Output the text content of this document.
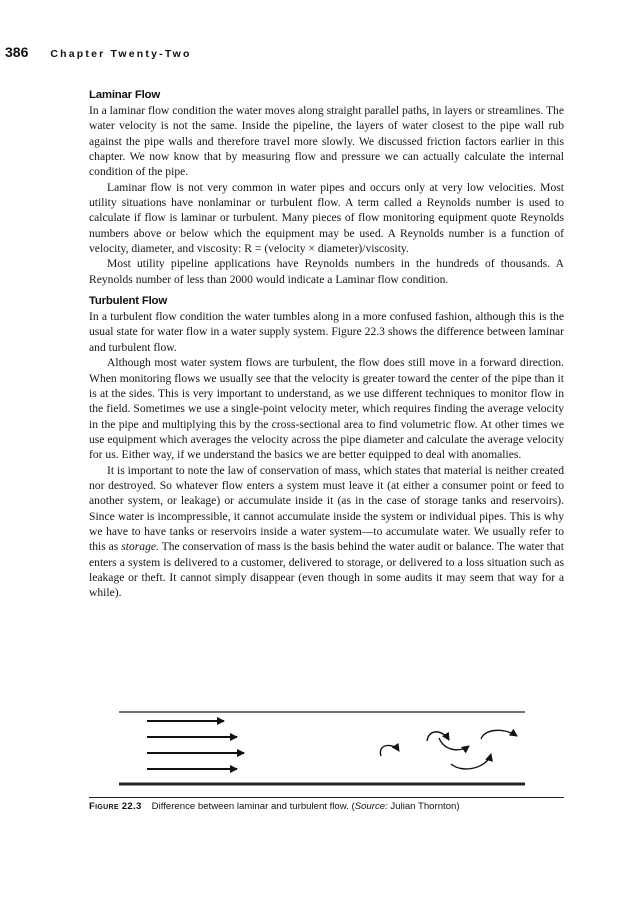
386 Chapter Twenty-Two
Laminar Flow

In a laminar flow condition the water moves along straight parallel paths, in layers or streamlines. The water velocity is not the same. Inside the pipeline, the layers of water closest to the pipe wall rub against the pipe walls and therefore travel more slowly. We discussed friction factors earlier in this chapter. We now know that by measuring flow and pressure we can actually calculate the internal condition of the pipe.

Laminar flow is not very common in water pipes and occurs only at very low velocities. Most utility situations have nonlaminar or turbulent flow. A term called a Reynolds number is used to calculate if flow is laminar or turbulent. Many pieces of flow monitoring equipment quote Reynolds numbers above or below which the equipment may be used. A Reynolds number is a function of velocity, diameter, and viscosity: R = (velocity × diameter)/viscosity.

Most utility pipeline applications have Reynolds numbers in the hundreds of thousands. A Reynolds number of less than 2000 would indicate a Laminar flow condition.

Turbulent Flow

In a turbulent flow condition the water tumbles along in a more confused fashion, although this is the usual state for water flow in a water supply system. Figure 22.3 shows the difference between laminar and turbulent flow.

Although most water system flows are turbulent, the flow does still move in a forward direction. When monitoring flows we usually see that the velocity is greater toward the center of the pipe than it is at the sides. This is very important to understand, as we use different techniques to monitor flow in the field. Sometimes we use a single-point velocity meter, which requires finding the average velocity in the pipe and multiplying this by the cross-sectional area to find volumetric flow. At other times we use equipment which averages the velocity across the pipe diameter and calculate the average velocity for us. Either way, if we understand the basics we are better equipped to deal with anomalies.

It is important to note the law of conservation of mass, which states that material is neither created nor destroyed. So whatever flow enters a system must leave it (at either a consumer point or feed to another system, or leakage) or accumulate inside it (as in the case of storage tanks and reservoirs). Since water is incompressible, it cannot accumulate inside the system or individual pipes. This is why we have to have tanks or reservoirs inside a water system—to accumulate water. We usually refer to this as storage. The conservation of mass is the basis behind the water audit or balance. The water that enters a system is delivered to a customer, delivered to storage, or delivered to a loss situation such as leakage or theft. It cannot simply disappear (even though in some audits it may seem that way for a while).

Figure 22.3 Difference between laminar and turbulent flow. (Source: Julian Thornton)
